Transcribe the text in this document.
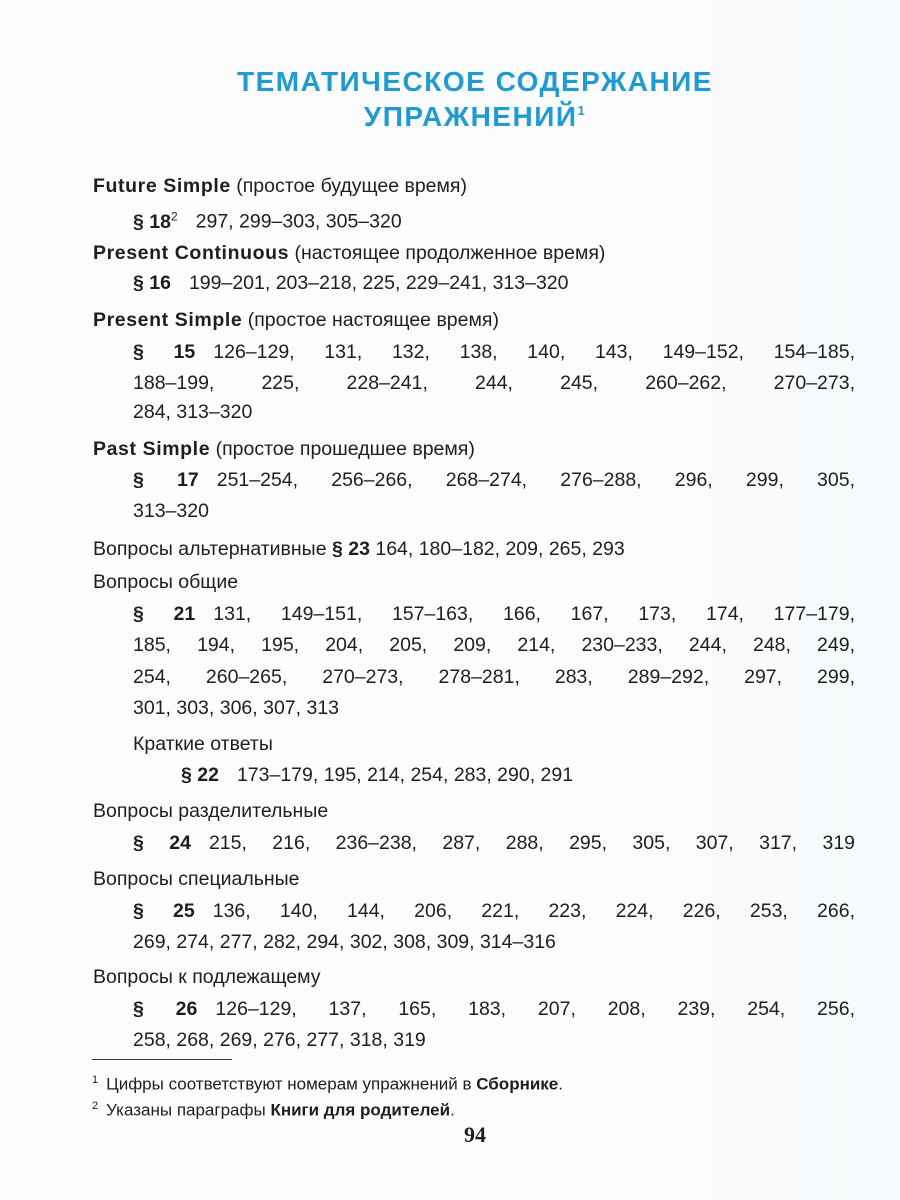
ТЕМАТИЧЕСКОЕ СОДЕРЖАНИЕ
УПРАЖНЕНИЙ$^1$
Future Simple (простое будущее время)
§ $18^2$ 297, 299–303, 305–320
Present Continuous (настоящее продолженное время)
§ 16 199–201, 203–218, 225, 229–241, 313–320
Present Simple (простое настоящее время)
§ 15 126–129, 131, 132, 138, 140, 143, 149–152, 154–185,
188–199, 225, 228–241, 244, 245, 260–262, 270–273,
284, 313–320
Past Simple (простое прошедшее время)
§ 17 251–254, 256–266, 268–274, 276–288, 296, 299, 305,
313–320
Вопросы альтернативные § 23 164, 180–182, 209, 265, 293
Вопросы общие
§ 21 131, 149–151, 157–163, 166, 167, 173, 174, 177–179,
185, 194, 195, 204, 205, 209, 214, 230–233, 244, 248, 249,
254, 260–265, 270–273, 278–281, 283, 289–292, 297, 299,
301, 303, 306, 307, 313
Краткие ответы
§ 22 173–179, 195, 214, 254, 283, 290, 291
Вопросы разделительные
§ 24 215, 216, 236–238, 287, 288, 295, 305, 307, 317, 319
Вопросы специальные
§ 25 136, 140, 144, 206, 221, 223, 224, 226, 253, 266,
269, 274, 277, 282, 294, 302, 308, 309, 314–316
Вопросы к подлежащему
§ 26 126–129, 137, 165, 183, 207, 208, 239, 254, 256,
258, 268, 269, 276, 277, 318, 319
$^1$ Цифры соответствуют номерам упражнений в Сборнике.
$^2$ Указаны параграфы Книги для родителей.
94
